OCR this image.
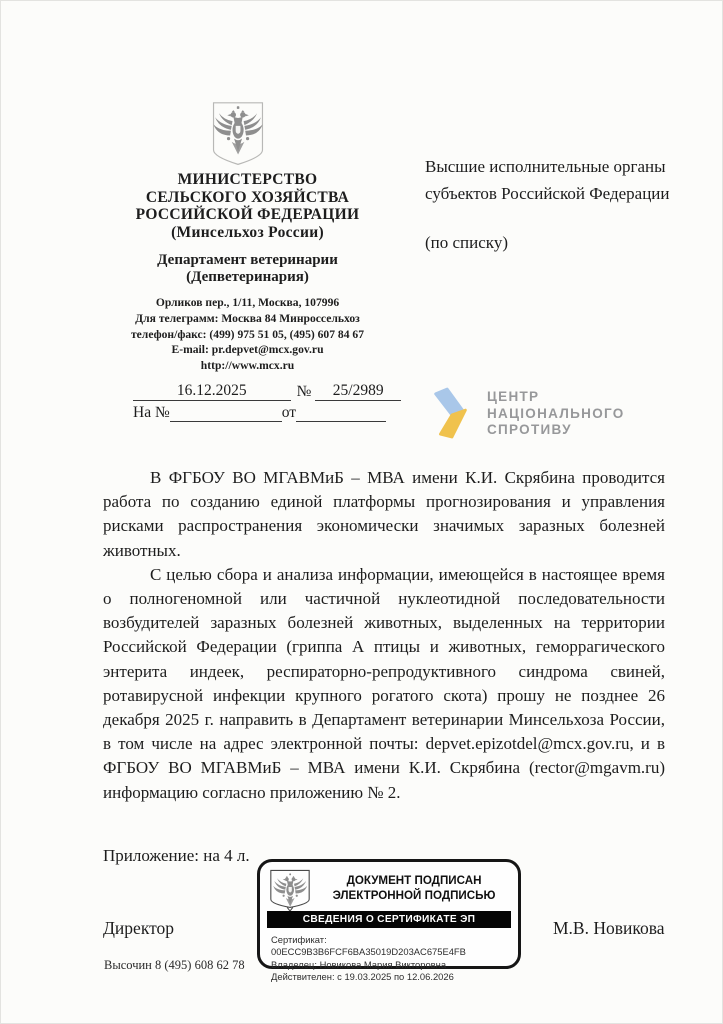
МИНИСТЕРСТВО
СЕЛЬСКОГО ХОЗЯЙСТВА
РОССИЙСКОЙ ФЕДЕРАЦИИ
(Минсельхоз России)
Департамент ветеринарии
(Депветеринария)
Орликов пер., 1/11, Москва, 107996
Для телеграмм: Москва 84 Минроссельхоз
телефон/факс: (499) 975 51 05, (495) 607 84 67
E-mail: pr.depvet@mcx.gov.ru
http://www.mcx.ru
16.12.2025	№	25/2989
На №
	от

Высшие исполнительные органы
субъектов Российской Федерации
(по списку)
ЦЕНТР
НАЦІОНАЛЬНОГО
СПРОТИВУ

В ФГБОУ ВО МГАВМиБ – МВА имени К.И. Скрябина проводится работа по созданию единой платформы прогнозирования и управления рисками распространения экономически значимых заразных болезней животных.

С целью сбора и анализа информации, имеющейся в настоящее время о полногеномной или частичной нуклеотидной последовательности возбудителей заразных болезней животных, выделенных на территории Российской Федерации (гриппа А птицы и животных, геморрагического энтерита индеек, респираторно-репродуктивного синдрома свиней, ротавирусной инфекции крупного рогатого скота) прошу не позднее 26 декабря 2025 г. направить в Департамент ветеринарии Минсельхоза России, в том числе на адрес электронной почты: depvet.epizotdel@mcx.gov.ru, и в ФГБОУ ВО МГАВМиБ – МВА имени К.И. Скрябина (rector@mgavm.ru) информацию согласно приложению № 2.

Приложение: на 4 л.
Директор	М.В. Новикова
ДОКУМЕНТ ПОДПИСАН
ЭЛЕКТРОННОЙ ПОДПИСЬЮ
СВЕДЕНИЯ О СЕРТИФИКАТЕ ЭП
Сертификат: 00ECC9B3B6FCF6BA35019D203AC675E4FB
Владелец: Новикова Мария Викторовна
Действителен: с 19.03.2025 по 12.06.2026
Высочин 8 (495) 608 62 78
